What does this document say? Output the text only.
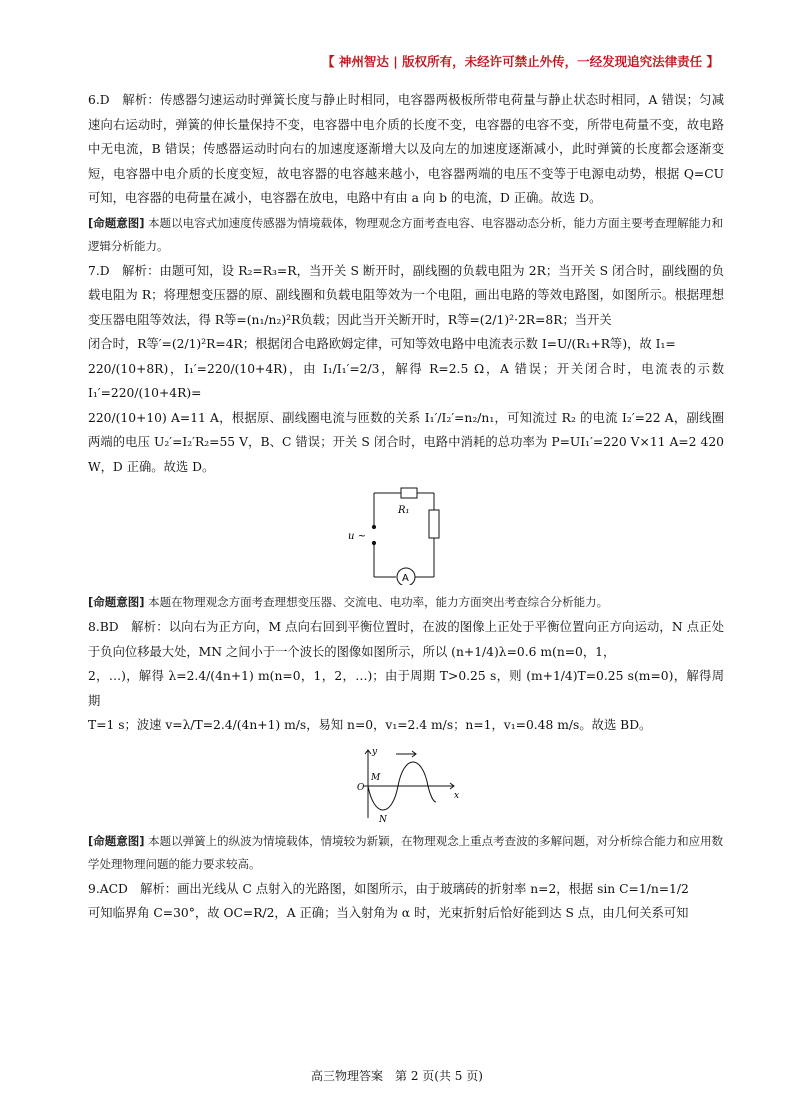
【 神州智达 | 版权所有，未经许可禁止外传，一经发现追究法律责任 】

6.D　解析：传感器匀速运动时弹簧长度与静止时相同，电容器两极板所带电荷量与静止状态时相同，A 错误；匀减速向右运动时，弹簧的伸长量保持不变，电容器中电介质的长度不变，电容器的电容不变，所带电荷量不变，故电路中无电流，B 错误；传感器运动时向右的加速度逐渐增大以及向左的加速度逐渐减小，此时弹簧的长度都会逐渐变短，电容器中电介质的长度变短，故电容器的电容越来越小，电容器两端的电压不变等于电源电动势，根据 Q=CU 可知，电容器的电荷量在减小，电容器在放电，电路中有由 a 向 b 的电流，D 正确。故选 D。

[命题意图] 本题以电容式加速度传感器为情境载体，物理观念方面考查电容、电容器动态分析，能力方面主要考查理解能力和逻辑分析能力。

7.D　解析：由题可知，设 R₂=R₃=R，当开关 S 断开时，副线圈的负载电阻为 2R；当开关 S 闭合时，副线圈的负载电阻为 R；将理想变压器的原、副线圈和负载电阻等效为一个电阻，画出电路的等效电路图，如图所示。根据理想变压器电阻等效法，得 R等=(n₁/n₂)²R负载；因此当开关断开时，R等=(2/1)²·2R=8R；当开关

闭合时，R等′=(2/1)²R=4R；根据闭合电路欧姆定律，可知等效电路中电流表示数 I=U/(R₁+R等)，故 I₁=

220/(10+8R)，I₁′=220/(10+4R)，由 I₁/I₁′=2/3，解得 R=2.5 Ω，A 错误；开关闭合时，电流表的示数 I₁′=220/(10+4R)=

220/(10+10) A=11 A，根据原、副线圈电流与匝数的关系 I₁′/I₂′=n₂/n₁，可知流过 R₂ 的电流 I₂′=22 A，副线圈两端的电压 U₂′=I₂′R₂=55 V，B、C 错误；开关 S 闭合时，电路中消耗的总功率为 P=UI₁′=220 V×11 A=2 420 W，D 正确。故选 D。

R₁
u ~
A

[命题意图] 本题在物理观念方面考查理想变压器、交流电、电功率，能力方面突出考查综合分析能力。

8.BD　解析：以向右为正方向，M 点向右回到平衡位置时，在波的图像上正处于平衡位置向正方向运动，N 点正处于负向位移最大处，MN 之间小于一个波长的图像如图所示，所以 (n+1/4)λ=0.6 m(n=0，1，

2，…)，解得 λ=2.4/(4n+1) m(n=0，1，2，…)；由于周期 T>0.25 s，则 (m+1/4)T=0.25 s(m=0)，解得周期

T=1 s；波速 v=λ/T=2.4/(4n+1) m/s，易知 n=0，v₁=2.4 m/s；n=1，v₁=0.48 m/s。故选 BD。

y
x
O
M
N

[命题意图] 本题以弹簧上的纵波为情境载体，情境较为新颖，在物理观念上重点考查波的多解问题，对分析综合能力和应用数学处理物理问题的能力要求较高。

9.ACD　解析：画出光线从 C 点射入的光路图，如图所示，由于玻璃砖的折射率 n=2，根据 sin C=1/n=1/2

可知临界角 C=30°，故 OC=R/2，A 正确；当入射角为 α 时，光束折射后恰好能到达 S 点，由几何关系可知

高三物理答案　第 2 页(共 5 页)
